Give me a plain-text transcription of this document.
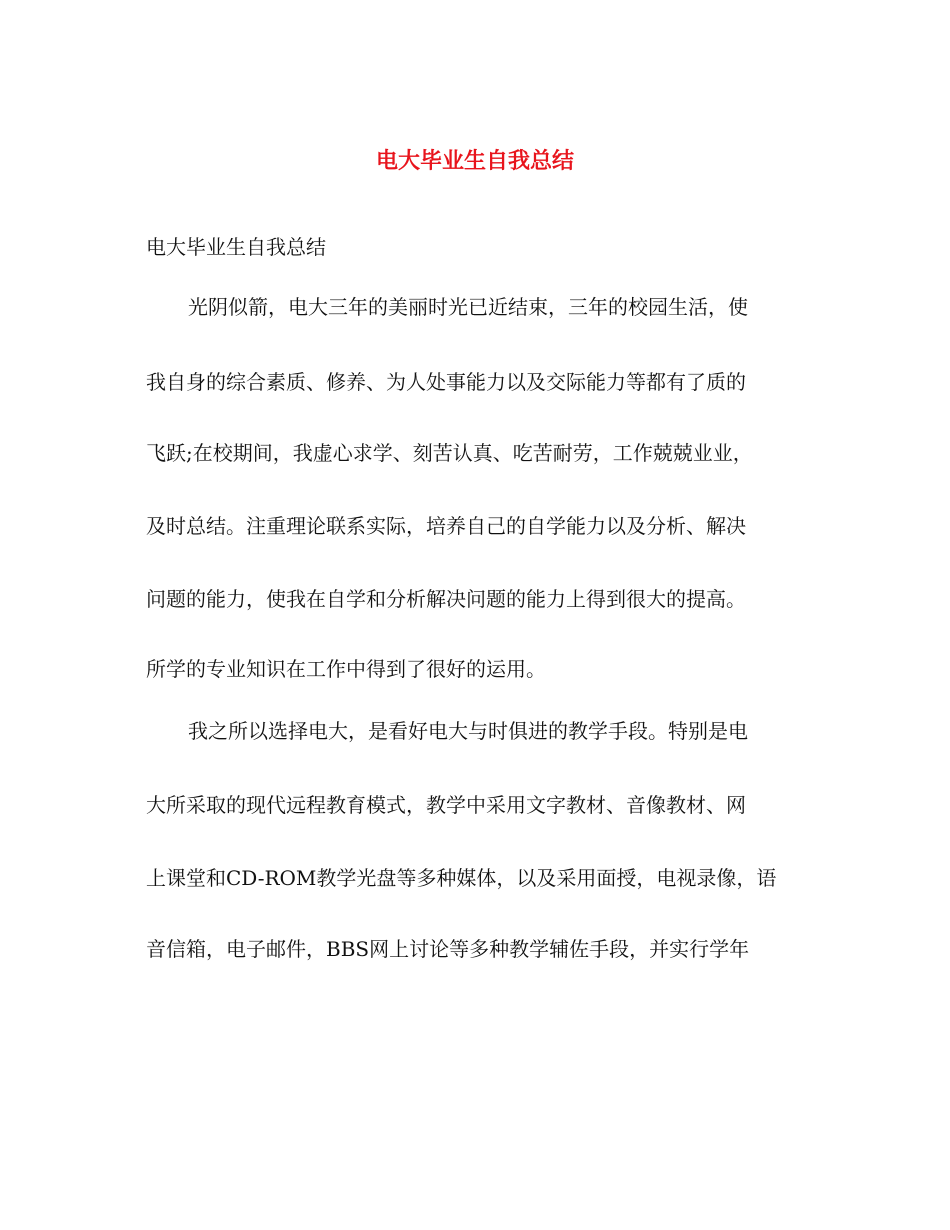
电大毕业生自我总结
电大毕业生自我总结
光阴似箭，电大三年的美丽时光已近结束，三年的校园生活，使
我自身的综合素质、修养、为人处事能力以及交际能力等都有了质的
飞跃;在校期间，我虚心求学、刻苦认真、吃苦耐劳，工作兢兢业业，
及时总结。注重理论联系实际，培养自己的自学能力以及分析、解决
问题的能力，使我在自学和分析解决问题的能力上得到很大的提高。
所学的专业知识在工作中得到了很好的运用。
我之所以选择电大，是看好电大与时俱进的教学手段。特别是电
大所采取的现代远程教育模式，教学中采用文字教材、音像教材、网
上课堂和CD-ROM教学光盘等多种媒体，以及采用面授，电视录像，语
音信箱，电子邮件，BBS网上讨论等多种教学辅佐手段，并实行学年
